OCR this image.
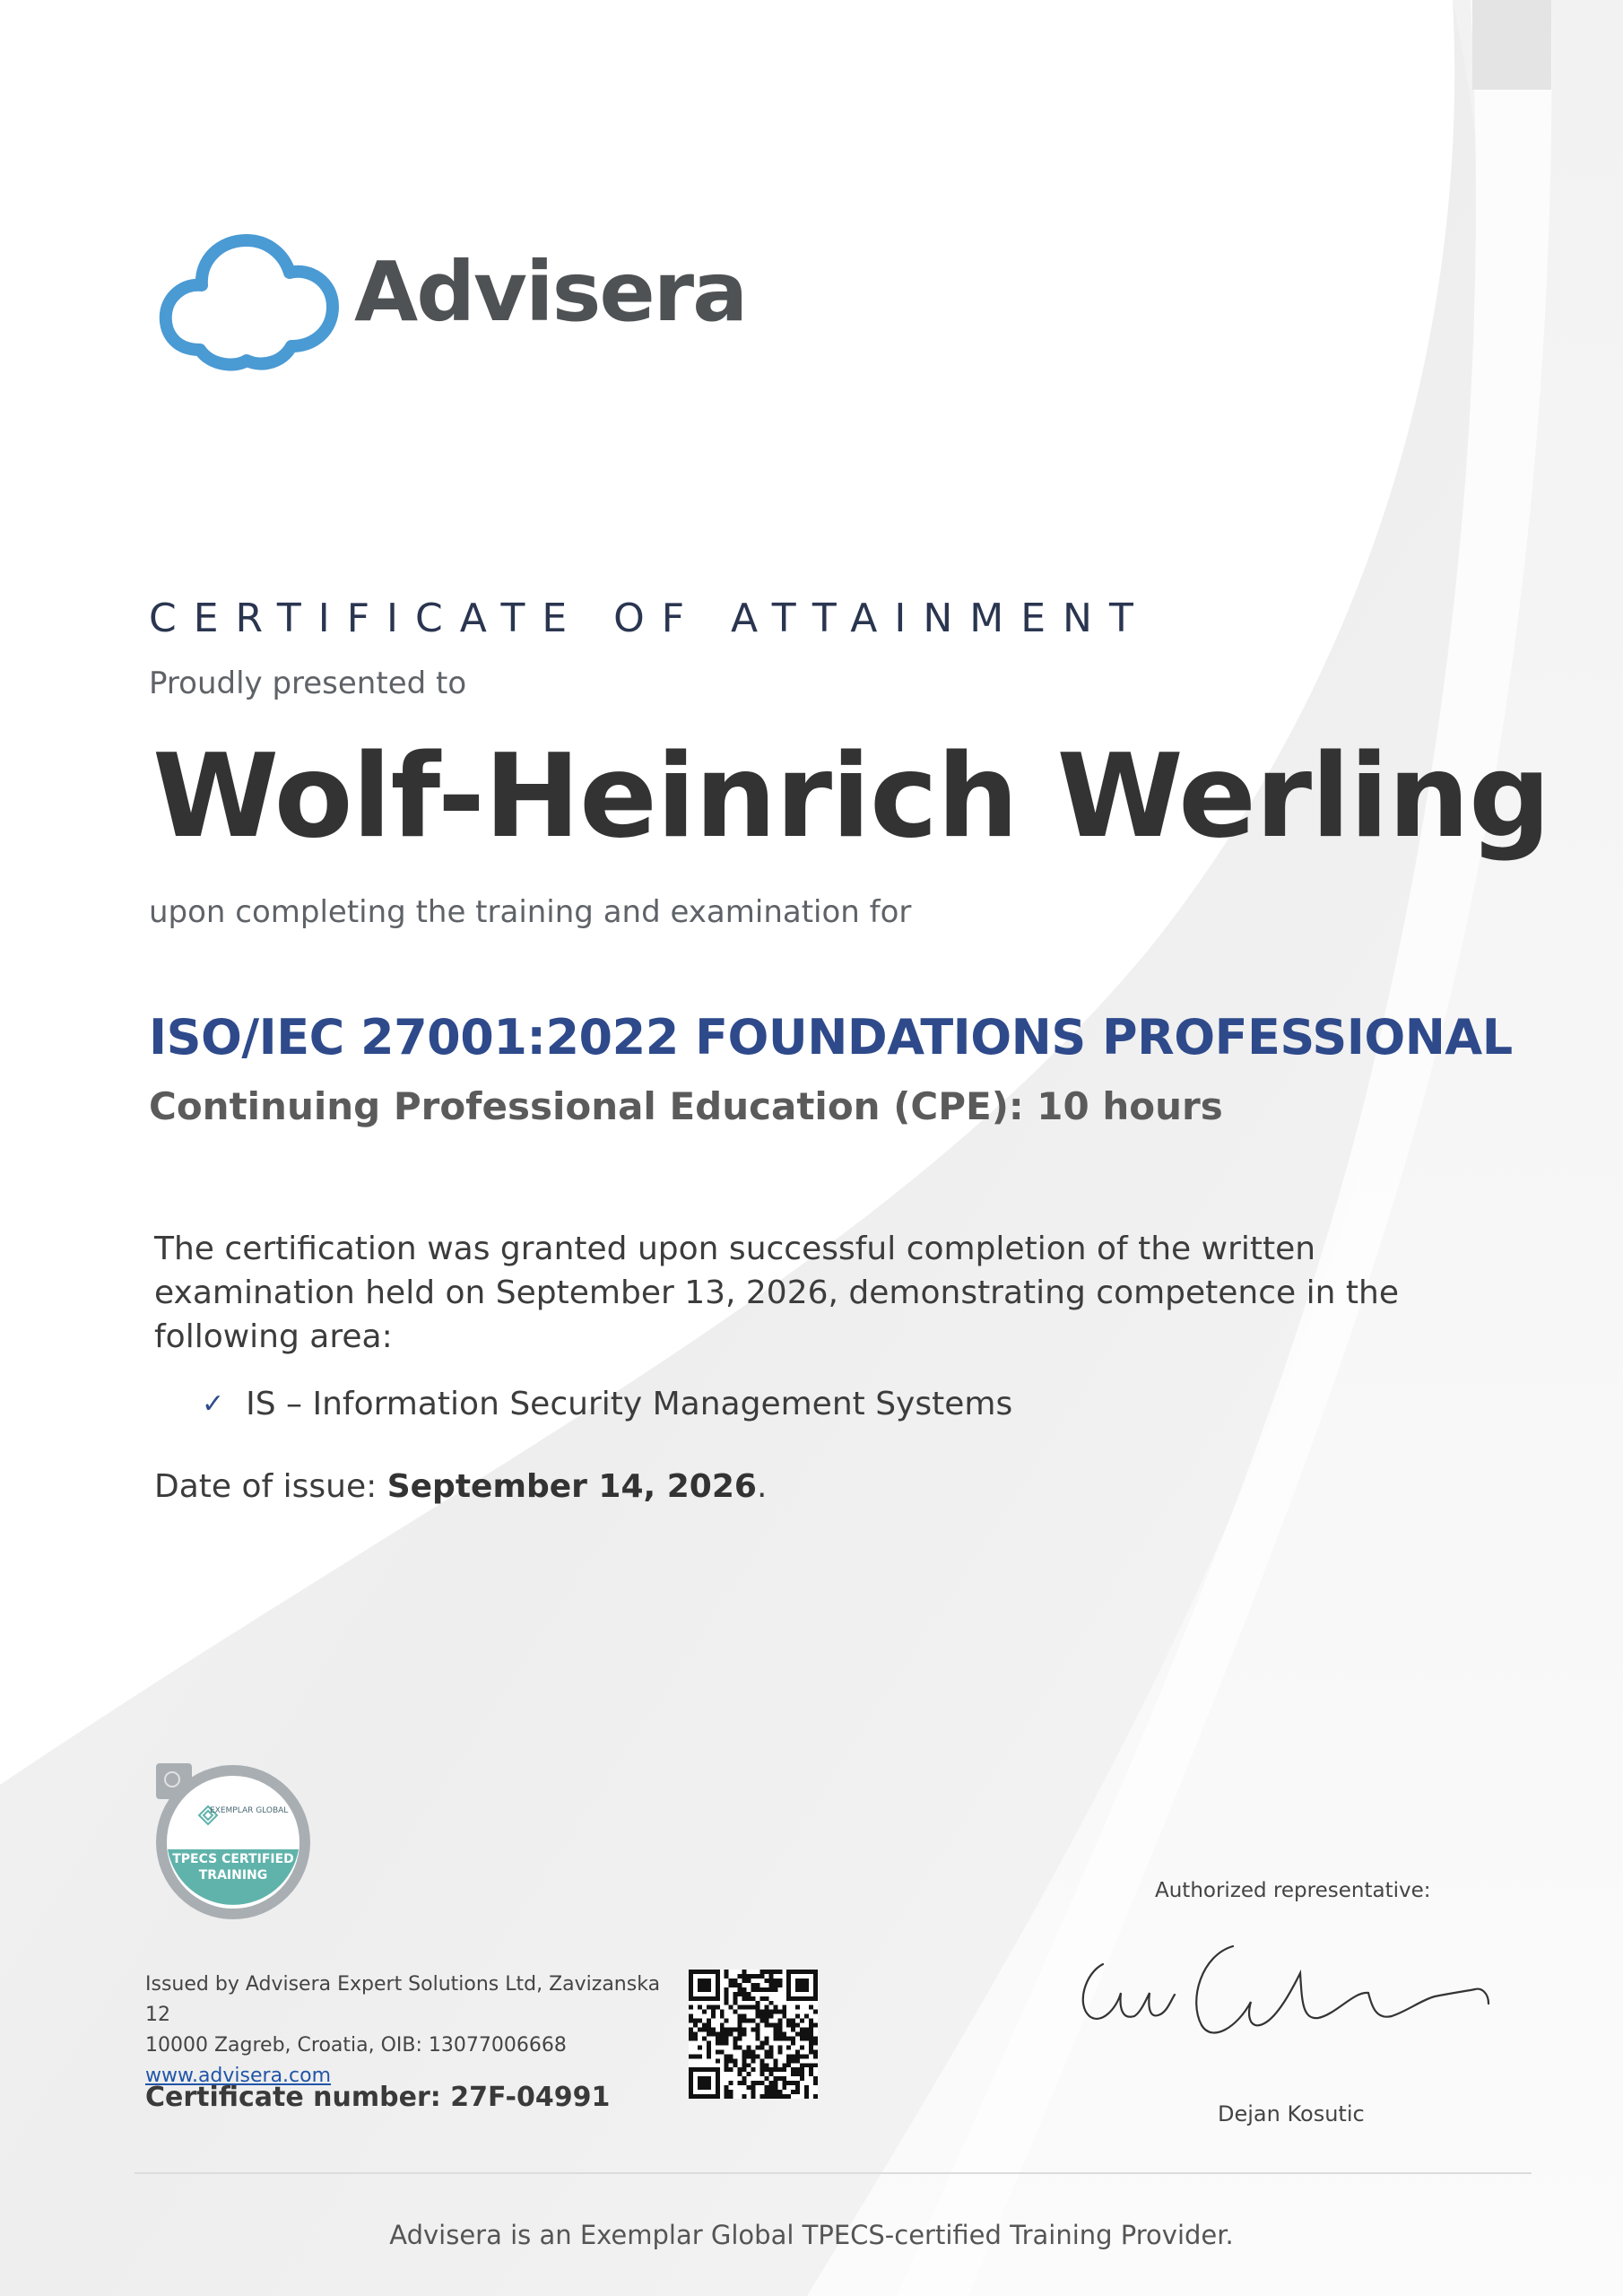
Advisera
CERTIFICATE OF ATTAINMENT
Proudly presented to
Wolf-Heinrich Werling
upon completing the training and examination for
ISO/IEC 27001:2022 FOUNDATIONS PROFESSIONAL
Continuing Professional Education (CPE): 10 hours
The certification was granted upon successful completion of the written examination held on September 13, 2026, demonstrating competence in the following area:
✓ IS – Information Security Management Systems
Date of issue: September 14, 2026.
EXEMPLAR GLOBAL
TPECS CERTIFIED
TRAINING
Issued by Advisera Expert Solutions Ltd, Zavizanska 12
10000 Zagreb, Croatia, OIB: 13077006668
www.advisera.com
Certificate number: 27F-04991
Authorized representative:
Dejan Kosutic
Advisera is an Exemplar Global TPECS-certified Training Provider.
